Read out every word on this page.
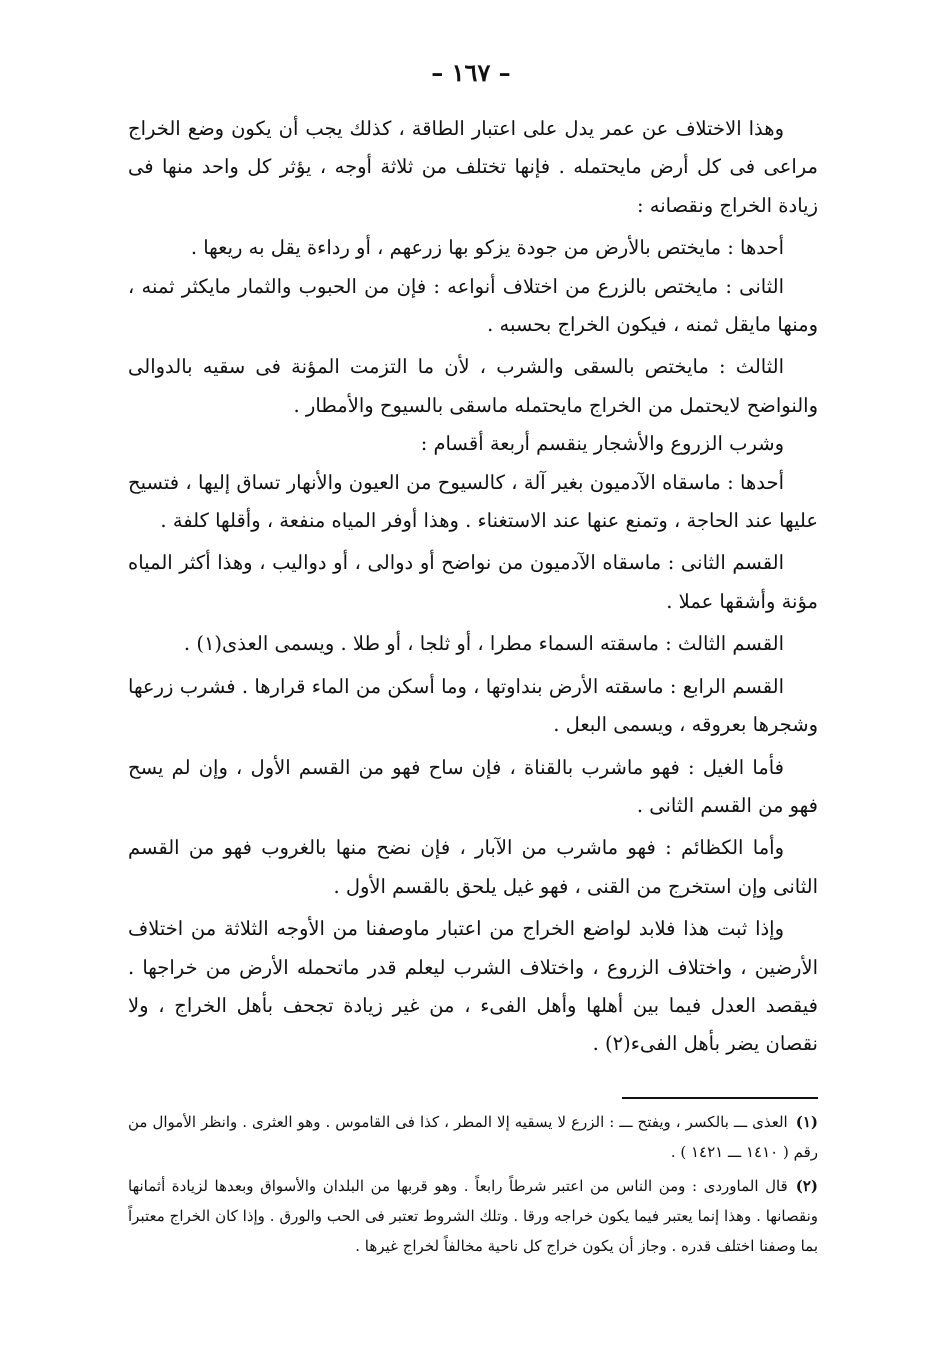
– ١٦٧ –

وهذا الاختلاف عن عمر يدل على اعتبار الطاقة ، كذلك يجب أن يكون وضع الخراج مراعى فى كل أرض مايحتمله . فإنها تختلف من ثلاثة أوجه ، يؤثر كل واحد منها فى زيادة الخراج ونقصانه :

أحدها : مايختص بالأرض من جودة يزكو بها زرعهم ، أو رداءة يقل به ريعها .

الثانى : مايختص بالزرع من اختلاف أنواعه : فإن من الحبوب والثمار مايكثر ثمنه ، ومنها مايقل ثمنه ، فيكون الخراج بحسبه .

الثالث : مايختص بالسقى والشرب ، لأن ما التزمت المؤنة فى سقيه بالدوالى والنواضح لايحتمل من الخراج مايحتمله ماسقى بالسيوح والأمطار .

وشرب الزروع والأشجار ينقسم أربعة أقسام :

أحدها : ماسقاه الآدميون بغير آلة ، كالسيوح من العيون والأنهار تساق إليها ، فتسيح عليها عند الحاجة ، وتمنع عنها عند الاستغناء . وهذا أوفر المياه منفعة ، وأقلها كلفة .

القسم الثانى : ماسقاه الآدميون من نواضح أو دوالى ، أو دواليب ، وهذا أكثر المياه مؤنة وأشقها عملا .

القسم الثالث : ماسقته السماء مطرا ، أو ثلجا ، أو طلا . ويسمى العذى(١) .

القسم الرابع : ماسقته الأرض بنداوتها ، وما أسكن من الماء قرارها . فشرب زرعها وشجرها بعروقه ، ويسمى البعل .

فأما الغيل : فهو ماشرب بالقناة ، فإن ساح فهو من القسم الأول ، وإن لم يسح فهو من القسم الثانى .

وأما الكظائم : فهو ماشرب من الآبار ، فإن نضح منها بالغروب فهو من القسم الثانى وإن استخرج من القنى ، فهو غيل يلحق بالقسم الأول .

وإذا ثبت هذا فلابد لواضع الخراج من اعتبار ماوصفنا من الأوجه الثلاثة من اختلاف الأرضين ، واختلاف الزروع ، واختلاف الشرب ليعلم قدر ماتحمله الأرض من خراجها . فيقصد العدل فيما بين أهلها وأهل الفىء ، من غير زيادة تجحف بأهل الخراج ، ولا نقصان يضر بأهل الفىء(٢) .

(١)العذى ـــ بالكسر ، ويفتح ـــ : الزرع لا يسقيه إلا المطر ، كذا فى القاموس . وهو العثرى . وانظر الأموال من رقم ( ١٤١٠ ـــ ١٤٢١ ) .

(٢)قال الماوردى : ومن الناس من اعتبر شرطاً رابعاً . وهو قربها من البلدان والأسواق وبعدها لزيادة أثمانها ونقصانها . وهذا إنما يعتبر فيما يكون خراجه ورقا . وتلك الشروط تعتبر فى الحب والورق . وإذا كان الخراج معتبراً بما وصفنا اختلف قدره . وجاز أن يكون خراج كل ناحية مخالفاً لخراج غيرها .
